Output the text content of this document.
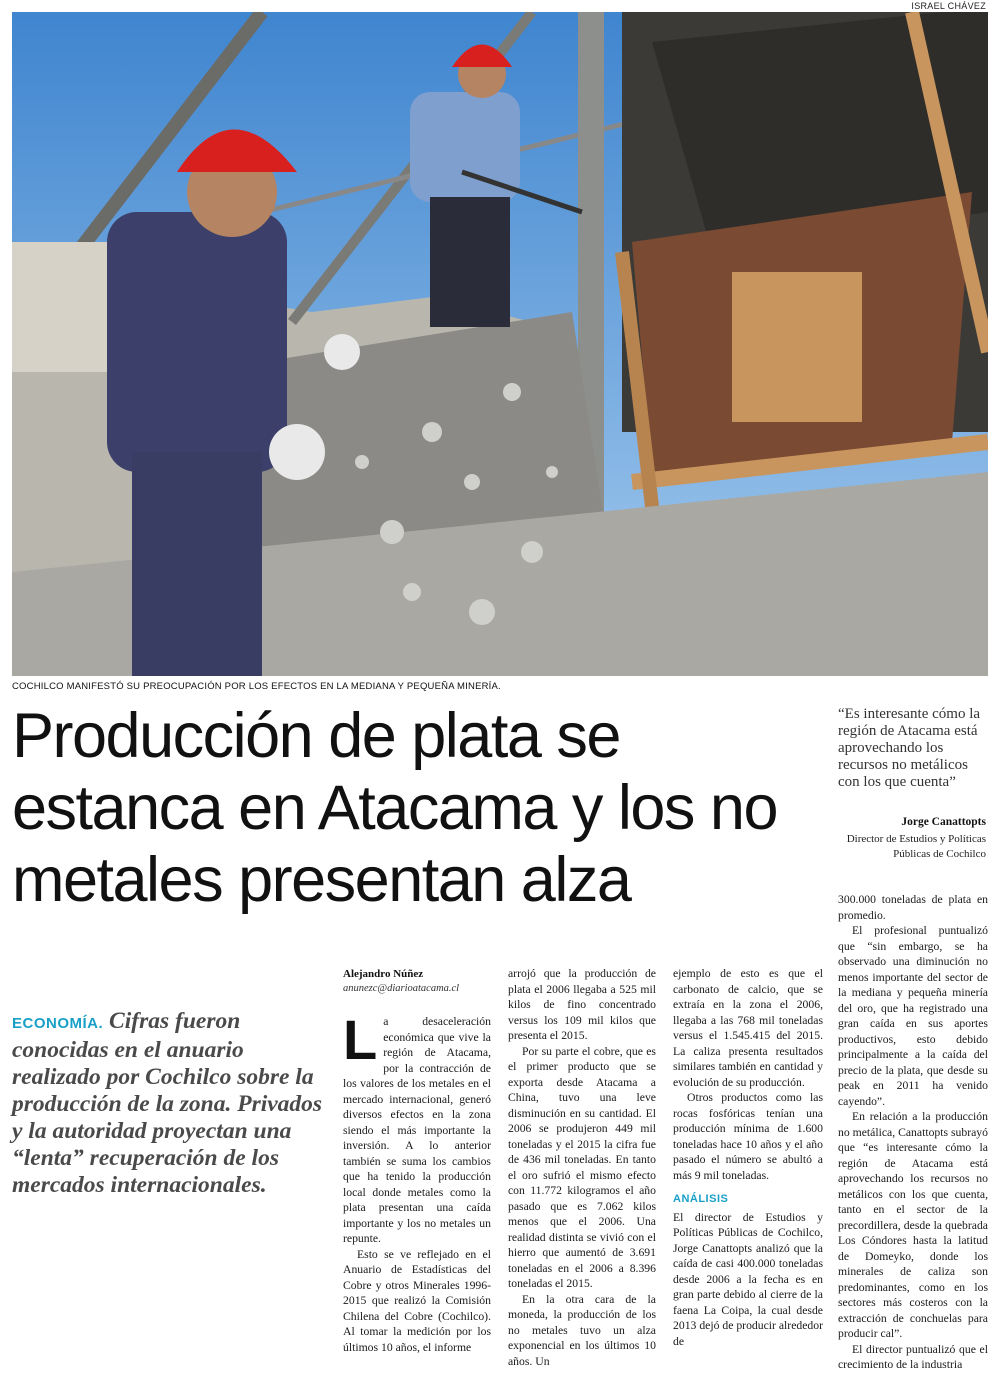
ISRAEL CHÁVEZ
COCHILCO MANIFESTÓ SU PREOCUPACIÓN POR LOS EFECTOS EN LA MEDIANA Y PEQUEÑA MINERÍA.
Producción de plata se estanca en Atacama y los no metales presentan alza

“Es interesante cómo la región de Atacama está aprovechando los recursos no metálicos con los que cuenta”

Jorge Canattopts
Director de Estudios y Políticas Públicas de Cochilco

ECONOMÍA. Cifras fueron conocidas en el anuario realizado por Cochilco sobre la producción de la zona. Privados y la autoridad proyectan una “lenta” recuperación de los mercados internacionales.

Alejandro Núñez
anunezc@diarioatacama.cl

La desaceleración económica que vive la región de Atacama, por la contracción de los valores de los metales en el mercado internacional, generó diversos efectos en la zona siendo el más importante la inversión. A lo anterior también se suma los cambios que ha tenido la producción local donde metales como la plata presentan una caída importante y los no metales un repunte.

Esto se ve reflejado en el Anuario de Estadísticas del Cobre y otros Minerales 1996-2015 que realizó la Comisión Chilena del Cobre (Cochilco). Al tomar la medición por los últimos 10 años, el informe

arrojó que la producción de plata el 2006 llegaba a 525 mil kilos de fino concentrado versus los 109 mil kilos que presenta el 2015.

Por su parte el cobre, que es el primer producto que se exporta desde Atacama a China, tuvo una leve disminución en su cantidad. El 2006 se produjeron 449 mil toneladas y el 2015 la cifra fue de 436 mil toneladas. En tanto el oro sufrió el mismo efecto con 11.772 kilogramos el año pasado que es 7.062 kilos menos que el 2006. Una realidad distinta se vivió con el hierro que aumentó de 3.691 toneladas en el 2006 a 8.396 toneladas el 2015.

En la otra cara de la moneda, la producción de los no metales tuvo un alza exponencial en los últimos 10 años. Un

ejemplo de esto es que el carbonato de calcio, que se extraía en la zona el 2006, llegaba a las 768 mil toneladas versus el 1.545.415 del 2015. La caliza presenta resultados similares también en cantidad y evolución de su producción.

Otros productos como las rocas fosfóricas tenían una producción mínima de 1.600 toneladas hace 10 años y el año pasado el número se abultó a más 9 mil toneladas.

ANÁLISIS

El director de Estudios y Políticas Públicas de Cochilco, Jorge Canattopts analizó que la caída de casi 400.000 toneladas desde 2006 a la fecha es en gran parte debido al cierre de la faena La Coipa, la cual desde 2013 dejó de producir alrededor de

300.000 toneladas de plata en promedio.

El profesional puntualizó que “sin embargo, se ha observado una diminución no menos importante del sector de la mediana y pequeña minería del oro, que ha registrado una gran caída en sus aportes productivos, esto debido principalmente a la caída del precio de la plata, que desde su peak en 2011 ha venido cayendo”.

En relación a la producción no metálica, Canattopts subrayó que “es interesante cómo la región de Atacama está aprovechando los recursos no metálicos con los que cuenta, tanto en el sector de la precordillera, desde la quebrada Los Cóndores hasta la latitud de Domeyko, donde los minerales de caliza son predominantes, como en los sectores más costeros con la extracción de conchuelas para producir cal”.

El director puntualizó que el crecimiento de la industria
